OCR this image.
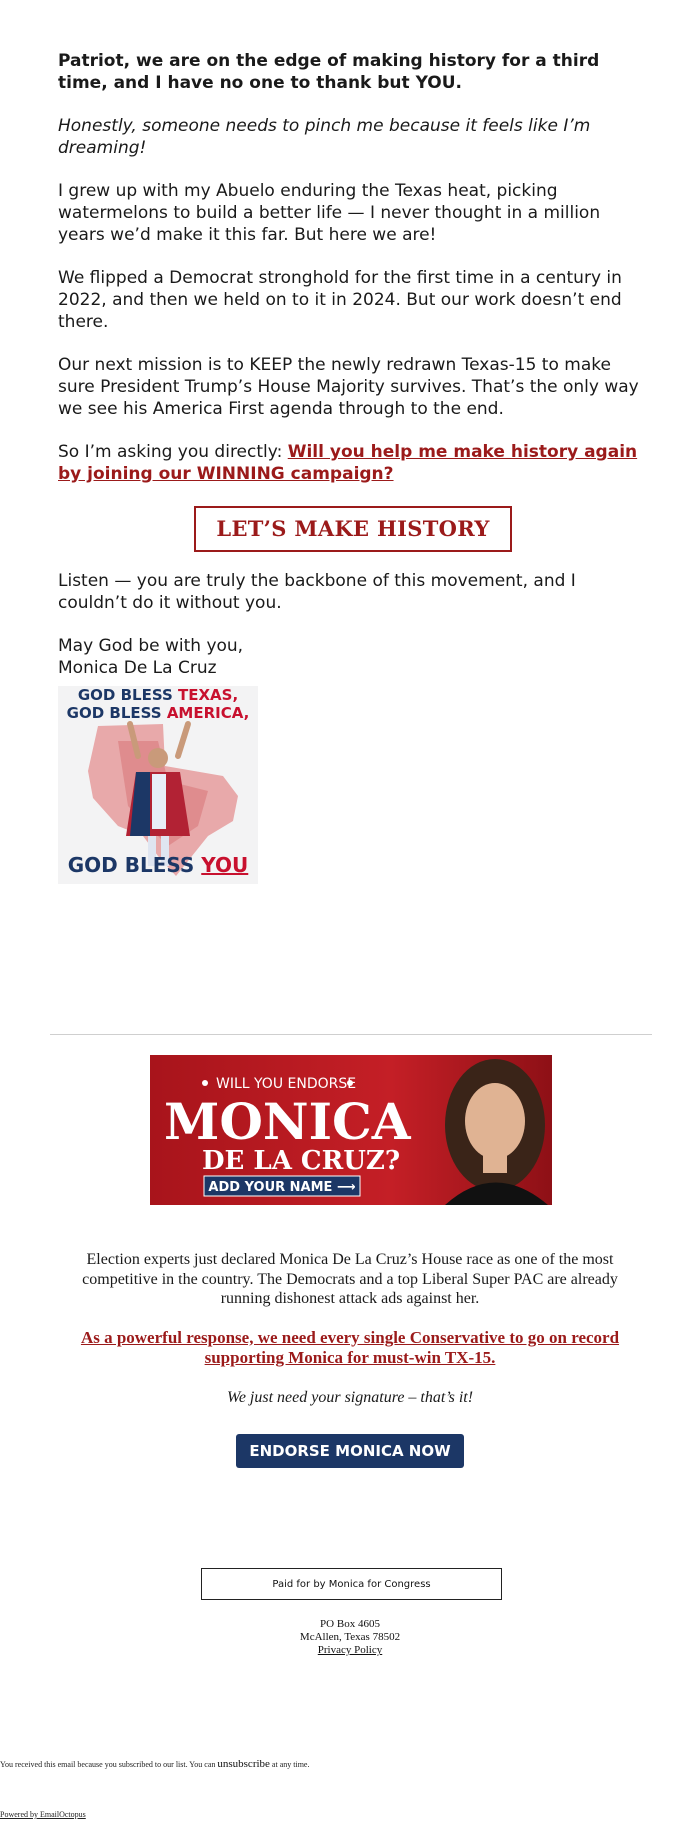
Patriot, we are on the edge of making history for a third time, and I have no one to thank but YOU.

Honestly, someone needs to pinch me because it feels like I’m dreaming!

I grew up with my Abuelo enduring the Texas heat, picking watermelons to build a better life — I never thought in a million years we’d make it this far. But here we are!

We flipped a Democrat stronghold for the first time in a century in 2022, and then we held on to it in 2024. But our work doesn’t end there.

Our next mission is to KEEP the newly redrawn Texas-15 to make sure President Trump’s House Majority survives. That’s the only way we see his America First agenda through to the end.

So I’m asking you directly: Will you help me make history again by joining our WINNING campaign?

LET’S MAKE HISTORY

Listen — you are truly the backbone of this movement, and I couldn’t do it without you.

May God be with you,

Monica De La Cruz

GOD BLESS TEXAS,
GOD BLESS AMERICA,
GOD BLESS YOU
WILL YOU ENDORSE
MONICA
DE LA CRUZ?
ADD YOUR NAME ⟶

Election experts just declared Monica De La Cruz’s House race as one of the most competitive in the country. The Democrats and a top Liberal Super PAC are already running dishonest attack ads against her.

As a powerful response, we need every single Conservative to go on record supporting Monica for must-win TX-15.

We just need your signature – that’s it!

ENDORSE MONICA NOW
Paid for by Monica for Congress
PO Box 4605
McAllen, Texas 78502
Privacy Policy
You received this email because you subscribed to our list. You can unsubscribe at any time.
Powered by EmailOctopus
